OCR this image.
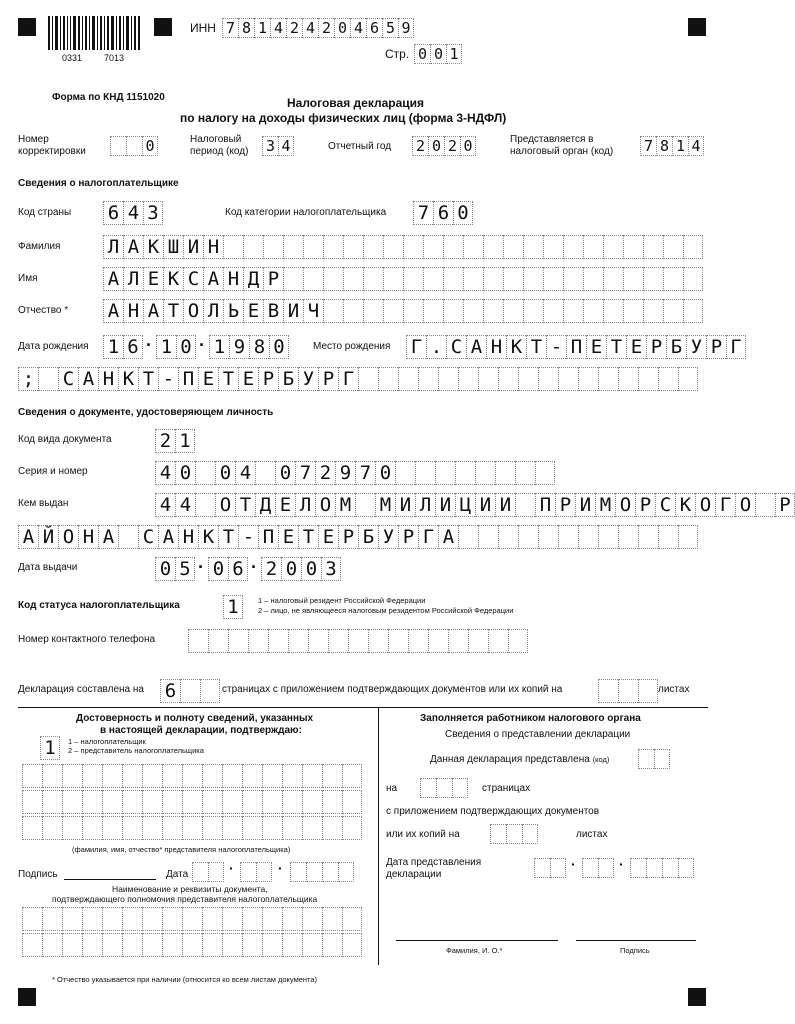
0331 7013
ИНН 7 8 1 4 2 4 2 0 4 6 5 9
Стр. 0 0 1
Форма по КНД 1151020	Налоговая декларация
по налогу на доходы физических лиц (форма 3-НДФЛ)
Номер корректировки	0	Налоговый период (код)	3 4	Отчетный год 2 0 2 0	Представляется в налоговый орган (код)	7 8 1 4
Сведения о налогоплательщике
Код страны 6 4 3	Код категории налогоплательщика 7 6 0
Фамилия Л А К Ш И Н
Имя	А Л Е К С А Н Д Р
Отчество * А Н А Т О Л Ь Е В И Ч
Дата рождения 1 6 · 1 0 · 1 9 8 0	Место рождения Г . С А Н К Т - П Е Т Е Р Б У Р Г
; С А Н К Т - П Е Т Е Р Б У Р Г
Сведения о документе, удостоверяющем личность
Код вида документа	2 1
Серия и номер	4 0 0 4 0 7 2 9 7 0
Кем выдан	4 4 О Т Д Е Л О М М И Л И Ц И И П Р И М О Р С К О Г О Р
А Й О Н А С А Н К Т - П Е Т Е Р Б У Р Г А
Дата выдачи	0 5 · 0 6 · 2 0 0 3
Код статуса налогоплательщика 1	1 – налоговый резидент Российской Федерации
2 – лицо, не являющееся налоговым резидентом Российской Федерации
Номер контактного телефона
Декларация составлена на 6	страницах с приложением подтверждающих документов или их копий на	листах
Достоверность и полноту сведений, указанных
в настоящей декларации, подтверждаю:
1	1 – налогоплательщик
2 – представитель налогоплательщика
(фамилия, имя, отчество* представителя налогоплательщика)
Подпись	Дата	·	·
Наименование и реквизиты документа,
подтверждающего полномочия представителя налогоплательщика
Заполняется работником налогового органа
Сведения о представлении декларации
Данная декларация представлена (код)
на	страницах
с приложением подтверждающих документов
или их копий на	листах
Дата представления
декларации
·	·
Фамилия, И. О.*	Подпись
* Отчество указывается при наличии (относится ко всем листам документа)
